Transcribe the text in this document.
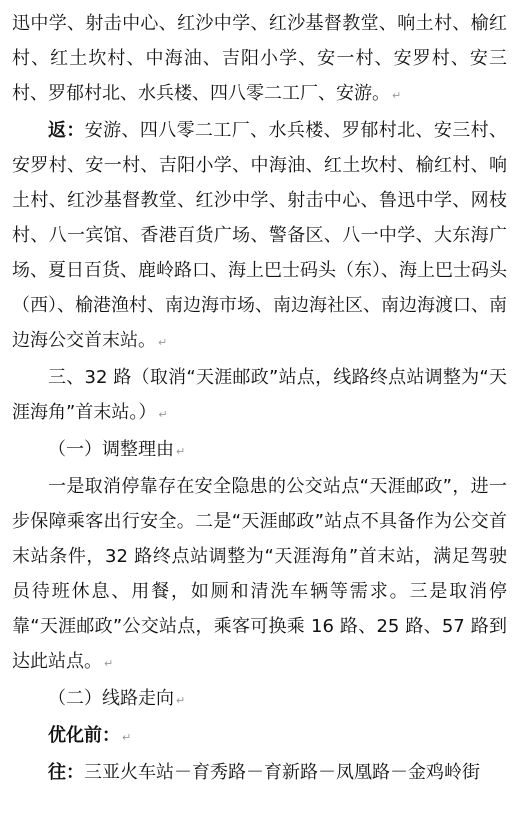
迅中学、射击中心、红沙中学、红沙基督教堂、响土村、榆红村、红土坎村、中海油、吉阳小学、安一村、安罗村、安三村、罗郁村北、水兵楼、四八零二工厂、安游。 ↵

返：安游、四八零二工厂、水兵楼、罗郁村北、安三村、安罗村、安一村、吉阳小学、中海油、红土坎村、榆红村、响土村、红沙基督教堂、红沙中学、射击中心、鲁迅中学、网枝村、八一宾馆、香港百货广场、警备区、八一中学、大东海广场、夏日百货、鹿岭路口、海上巴士码头（东）、海上巴士码头（西）、榆港渔村、南边海市场、南边海社区、南边海渡口、南边海公交首末站。 ↵

三、32 路（取消“天涯邮政”站点，线路终点站调整为“天涯海角”首末站。） ↵

（一）调整理由 ↵

一是取消停靠存在安全隐患的公交站点“天涯邮政”，进一步保障乘客出行安全。二是“天涯邮政”站点不具备作为公交首末站条件，32 路终点站调整为“天涯海角”首末站，满足驾驶员待班休息、用餐，如厕和清洗车辆等需求。三是取消停靠“天涯邮政”公交站点，乘客可换乘 16 路、25 路、57 路到达此站点。 ↵

（二）线路走向 ↵

优化前： ↵

往：三亚火车站－育秀路－育新路－凤凰路－金鸡岭街
